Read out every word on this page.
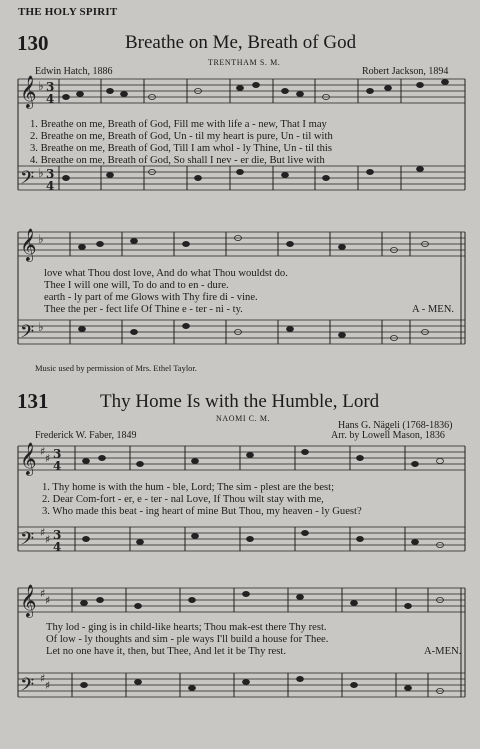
THE HOLY SPIRIT
130	Breathe on Me, Breath of God
TRENTHAM S. M.
Edwin Hatch, 1886	Robert Jackson, 1894
𝄞
𝄢
𝄞
𝄢
𝄞
𝄢
𝄞
𝄢
♭
♭
♭
♭
♯
♯
♯
♯
♯
♯
♯
♯
3
4
3
4
3
4
3
4
1. Breathe on me, Breath of God, Fill me with life a - new, That I may
2. Breathe on me, Breath of God, Un - til my heart is pure, Un - til with
3. Breathe on me, Breath of God, Till I am whol - ly Thine, Un - til this
4. Breathe on me, Breath of God, So shall I nev - er die, But live with
love what Thou dost love, And do what Thou wouldst do.
Thee I will one will, To do and to en - dure.
earth - ly part of me Glows with Thy fire di - vine.
Thee the per - fect life Of Thine e - ter - ni - ty.	A - MEN.
Music used by permission of Mrs. Ethel Taylor.
131	Thy Home Is with the Humble, Lord
NAOMI C. M.
Hans G. Nägeli (1768-1836)
Frederick W. Faber, 1849	Arr. by Lowell Mason, 1836
1. Thy home is with the hum - ble, Lord; The sim - plest are the best;
2. Dear Com-fort - er, e - ter - nal Love, If Thou wilt stay with me,
3. Who made this beat - ing heart of mine But Thou, my heaven - ly Guest?
Thy lod - ging is in child-like hearts; Thou mak-est there Thy rest.
Of low - ly thoughts and sim - ple ways I'll build a house for Thee.
Let no one have it, then, but Thee, And let it be Thy rest.	A-MEN.
